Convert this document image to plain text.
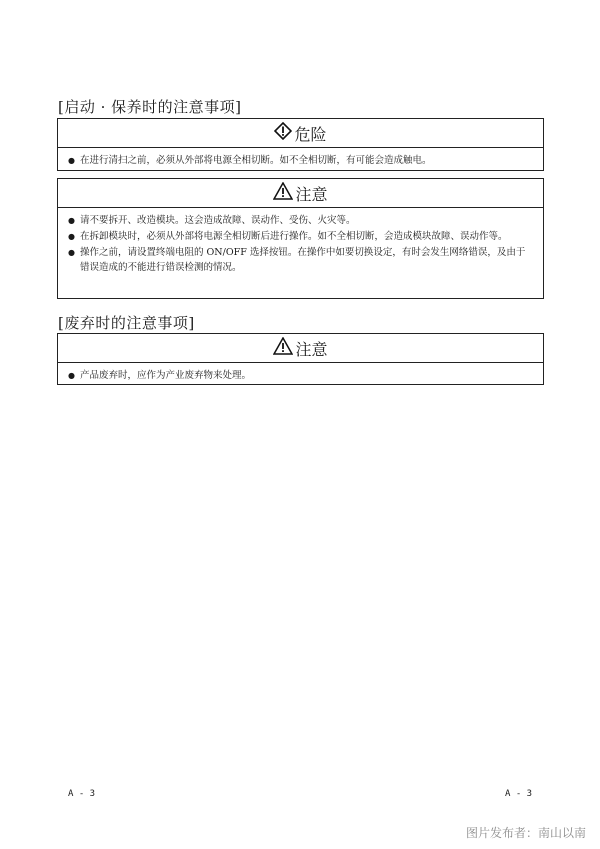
[启动 · 保养时的注意事项]
危险
● 在进行清扫之前，必须从外部将电源全相切断。如不全相切断，有可能会造成触电。
注意
● 请不要拆开、改造模块。这会造成故障、误动作、受伤、火灾等。
● 在拆卸模块时，必须从外部将电源全相切断后进行操作。如不全相切断，会造成模块故障、误动作等。
● 操作之前，请设置终端电阻的 ON/OFF 选择按钮。在操作中如要切换设定，有时会发生网络错误，及由于错误造成的不能进行错误检测的情况。
[废弃时的注意事项]
注意
● 产品废弃时，应作为产业废弃物来处理。
A - 3	A - 3
图片发布者：南山以南
